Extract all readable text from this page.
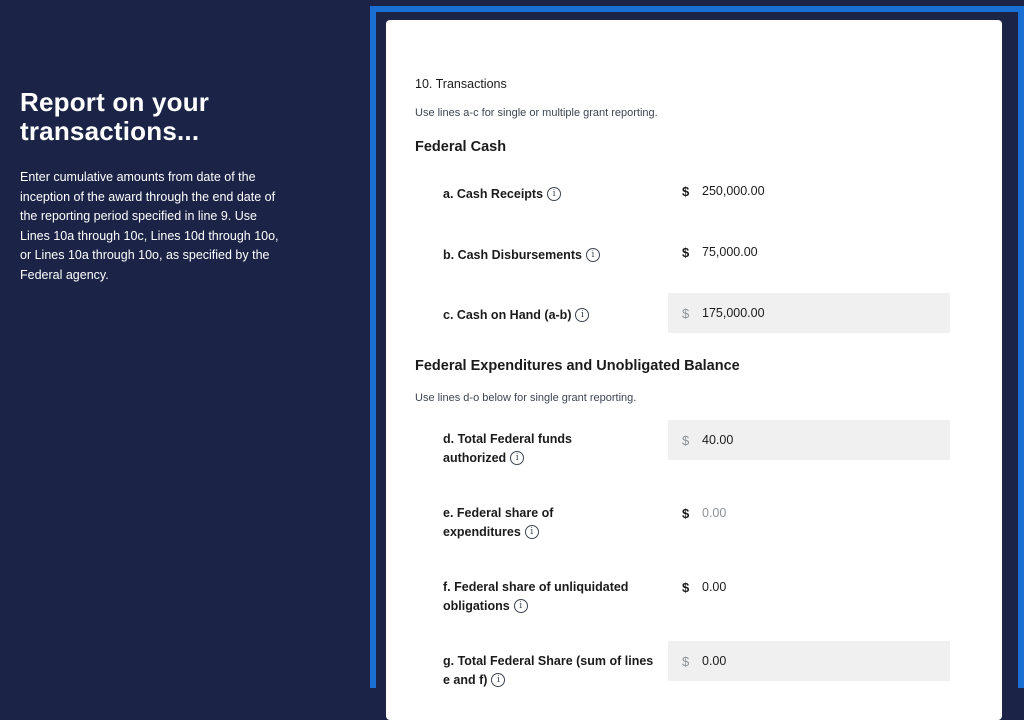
Report on your transactions...

Enter cumulative amounts from date of the inception of the award through the end date of the reporting period specified in line 9. Use Lines 10a through 10c, Lines 10d through 10o, or Lines 10a through 10o, as specified by the Federal agency.

10. Transactions
Use lines a-c for single or multiple grant reporting.
Federal Cash
a. Cash Receipts i	$	250,000.00
b. Cash Disbursements i	$	75,000.00
c. Cash on Hand (a-b) i	$	175,000.00
Federal Expenditures and Unobligated Balance
Use lines d-o below for single grant reporting.
d. Total Federal funds authorized i
$	40.00
e. Federal share of expenditures i
$	0.00
f. Federal share of unliquidated obligations i
$	0.00
g. Total Federal Share (sum of lines e and f) i
$	0.00
